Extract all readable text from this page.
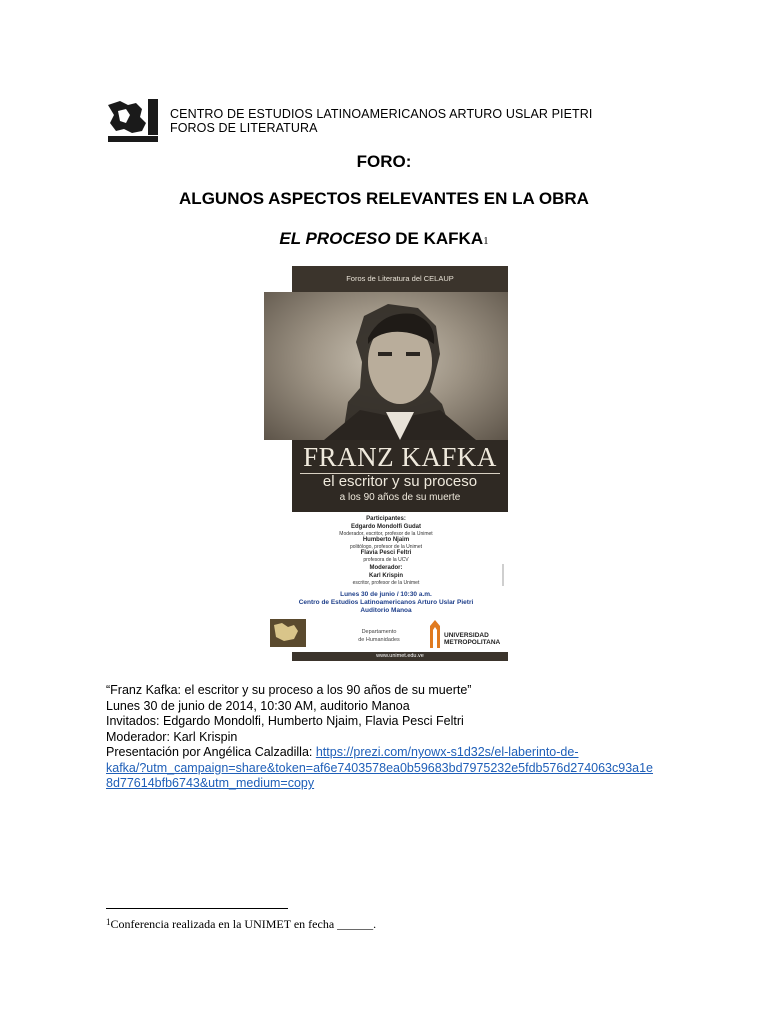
CENTRO DE ESTUDIOS LATINOAMERICANOS ARTURO USLAR PIETRI
FOROS DE LITERATURA
FORO:
ALGUNOS ASPECTOS RELEVANTES EN LA OBRA
EL PROCESO DE KAFKA1
Foros de Literatura del CELAUP
FRANZ KAFKA
el escritor y su proceso
a los 90 años de su muerte
Participantes:
Edgardo Mondolfi Gudat
Moderador, escritor, profesor de la Unimet
Humberto Njaim
politólogo, profesor de la Unimet
Flavia Pesci Feltri
profesora de la UCV
Moderador:
Karl Krispin
escritor, profesor de la Unimet
Lunes 30 de junio / 10:30 a.m.
Centro de Estudios Latinoamericanos Arturo Uslar Pietri
Auditorio Manoa
Departamento
de Humanidades
UNIVERSIDAD
METROPOLITANA
www.unimet.edu.ve
“Franz Kafka: el escritor y su proceso a los 90 años de su muerte”
Lunes 30 de junio de 2014, 10:30 AM, auditorio Manoa
Invitados: Edgardo Mondolfi, Humberto Njaim, Flavia Pesci Feltri
Moderador: Karl Krispin
Presentación por Angélica Calzadilla: https://prezi.com/nyowx-s1d32s/el-laberinto-de-
kafka/?utm_campaign=share&token=af6e7403578ea0b59683bd7975232e5fdb576d274063c93a1e
8d77614bfb6743&utm_medium=copy
$^1$Conferencia realizada en la UNIMET en fecha ______.
